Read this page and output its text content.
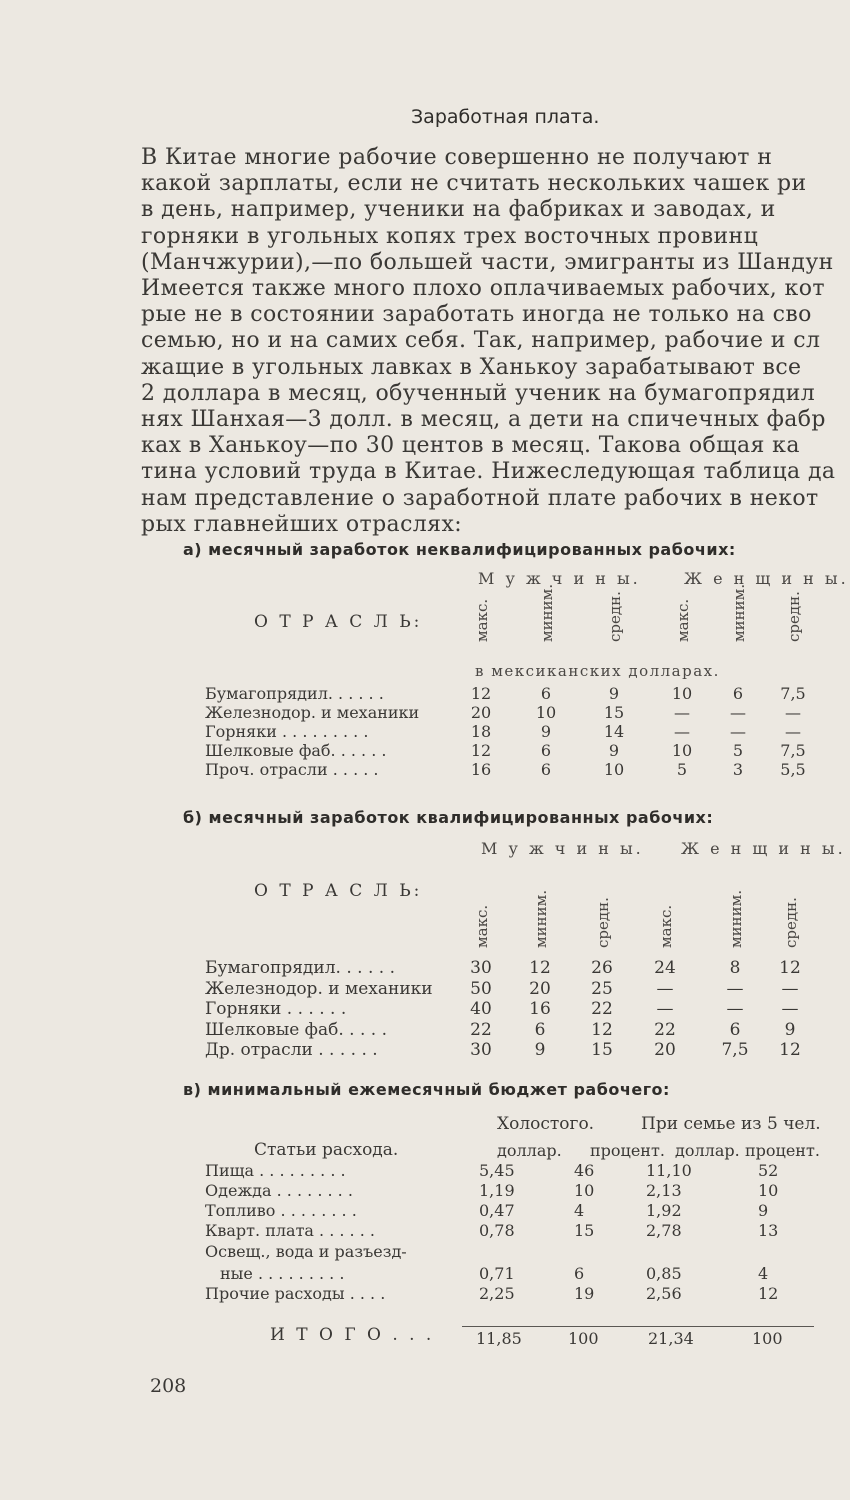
Заработная плата.
В Китае многие рабочие совершенно не получают н
какой зарплаты, если не считать нескольких чашек ри
в день, например, ученики на фабриках и заводах, и
горняки в угольных копях трех восточных провинц
(Манчжурии),—по большей части, эмигранты из Шандун
Имеется также много плохо оплачиваемых рабочих, кот
рые не в состоянии заработать иногда не только на сво
семью, но и на самих себя. Так, например, рабочие и сл
жащие в угольных лавках в Ханькоу зарабатывают все
2 доллара в месяц, обученный ученик на бумагопрядил
нях Шанхая—3 долл. в месяц, а дети на спичечных фабр
ках в Ханькоу—по 30 центов в месяц. Такова общая ка
тина условий труда в Китае. Нижеследующая таблица да
нам представление о заработной плате рабочих в некот
рых главнейших отраслях:
а) месячный заработок неквалифицированных рабочих:
М у ж ч и н ы.	Ж е н щ и н ы.
О Т Р А С Л Ь:	макс.	миним.	средн.	макс.	миним. средн.
в мексиканских долларах.
Бумагопрядил. . . . . .	12	6	9	10	6	7,5
Железнодор. и механики	20	10	15	—	—	—
Горняки . . . . . . . . .	18	9	14	—	—	—
Шелковые фаб. . . . . .	12	6	9	10	5	7,5
Проч. отрасли . . . . .	16	6	10	5	3	5,5
б) месячный заработок квалифицированных рабочих:
М у ж ч и н ы. Ж е н щ и н ы.
О Т Р А С Л Ь:
макс.	миним.	средн.	макс.	миним. средн.
Бумагопрядил. . . . . .	30	12	26	24	8	12
Железнодор. и механики	50	20	25	—	—	—
Горняки . . . . . .	40	16	22	—	—	—
Шелковые фаб. . . . .	22	6	12	22	6	9
Др. отрасли . . . . . .	30	9	15	20	7,5	12
в) минимальный ежемесячный бюджет рабочего:
Статьи расхода.
Холостого.	При семье из 5 чел.
доллар. процент. доллар. процент.
Пища . . . . . . . . .	5,45	46	11,10	52
Одежда . . . . . . . .	1,19	10	2,13	10
Топливо . . . . . . . .	0,47	4	1,92	9
Кварт. плата . . . . . .	0,78	15	2,78	13
Освещ., вода и разъезд-
ные . . . . . . . . .	0,71	6	0,85	4
Прочие расходы . . . .	2,25	19	2,56	12
И Т О Г О . . .	11,85	100	21,34	100
208
